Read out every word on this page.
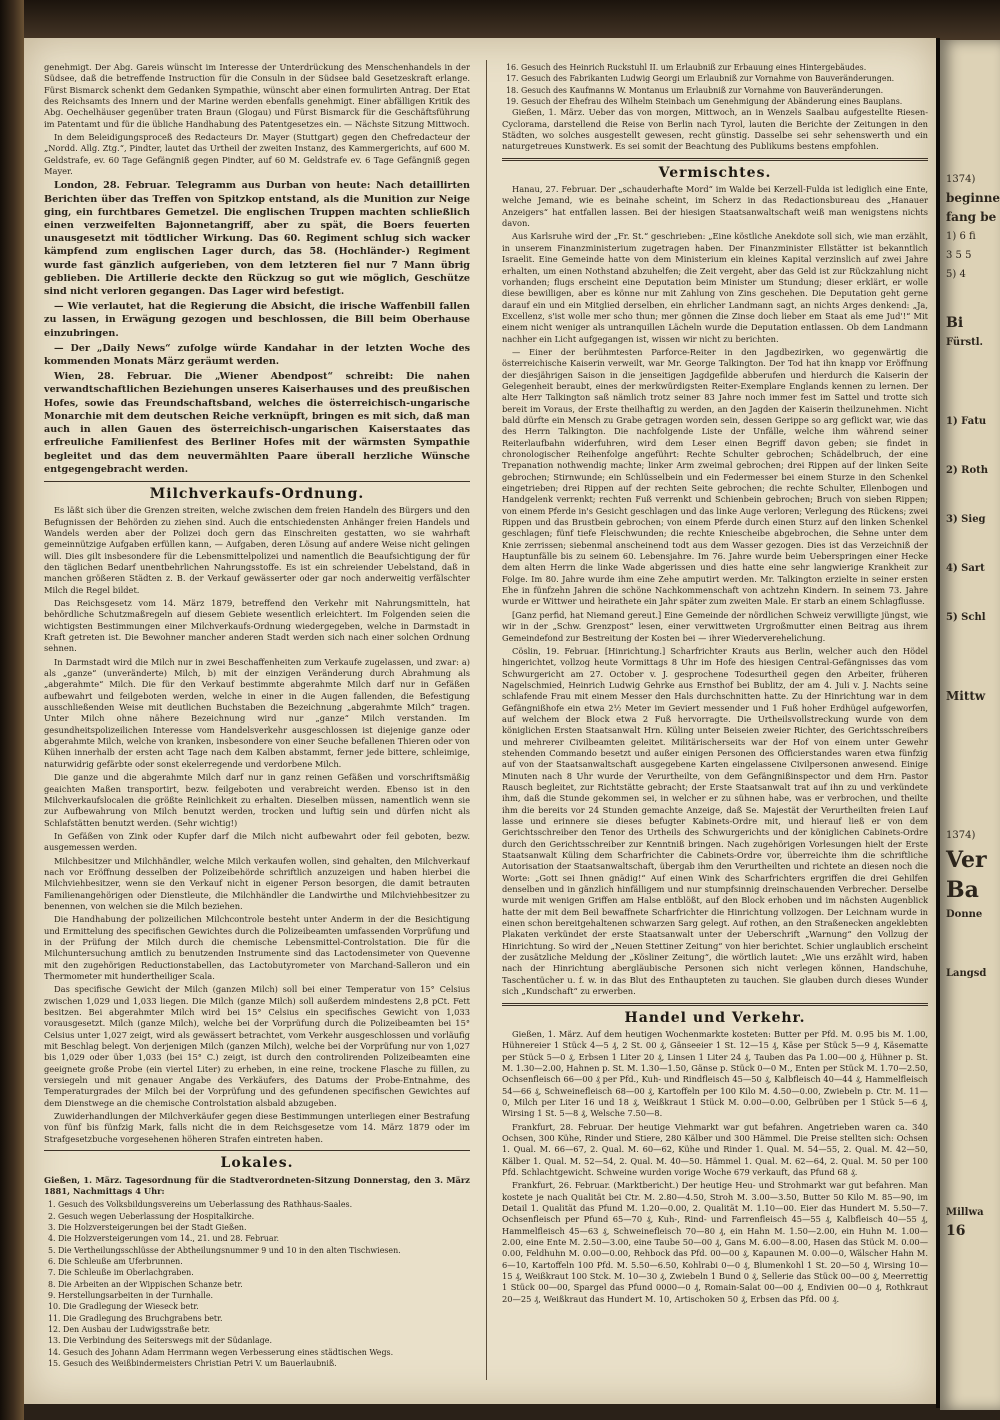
genehmigt. Der Abg. Gareis wünscht im Interesse der Unterdrückung des Menschenhandels in der Südsee, daß die betreffende Instruction für die Consuln in der Südsee bald Gesetzeskraft erlange. Fürst Bismarck schenkt dem Gedanken Sympathie, wünscht aber einen formulirten Antrag. Der Etat des Reichsamts des Innern und der Marine werden ebenfalls genehmigt. Einer abfälligen Kritik des Abg. Oechelhäuser gegenüber traten Braun (Glogau) und Fürst Bismarck für die Geschäftsführung im Patentamt und für die übliche Handhabung des Patentgesetzes ein. — Nächste Sitzung Mittwoch.

In dem Beleidigungsproceß des Redacteurs Dr. Mayer (Stuttgart) gegen den Chefredacteur der „Nordd. Allg. Ztg.“, Pindter, lautet das Urtheil der zweiten Instanz, des Kammergerichts, auf 600 M. Geldstrafe, ev. 60 Tage Gefängniß gegen Pindter, auf 60 M. Geldstrafe ev. 6 Tage Gefängniß gegen Mayer.

London, 28. Februar. Telegramm aus Durban von heute: Nach detaillirten Berichten über das Treffen von Spitzkop entstand, als die Munition zur Neige ging, ein furchtbares Gemetzel. Die englischen Truppen machten schließlich einen verzweifelten Bajonnetangriff, aber zu spät, die Boers feuerten unausgesetzt mit tödtlicher Wirkung. Das 60. Regiment schlug sich wacker kämpfend zum englischen Lager durch, das 58. (Hochländer-) Regiment wurde fast gänzlich aufgerieben, von dem letzteren fiel nur 7 Mann übrig geblieben. Die Artillerie deckte den Rückzug so gut wie möglich, Geschütze sind nicht verloren gegangen. Das Lager wird befestigt.

— Wie verlautet, hat die Regierung die Absicht, die irische Waffenbill fallen zu lassen, in Erwägung gezogen und beschlossen, die Bill beim Oberhause einzubringen.

— Der „Daily News“ zufolge würde Kandahar in der letzten Woche des kommenden Monats März geräumt werden.

Wien, 28. Februar. Die „Wiener Abendpost“ schreibt: Die nahen verwandtschaftlichen Beziehungen unseres Kaiserhauses und des preußischen Hofes, sowie das Freundschaftsband, welches die österreichisch-ungarische Monarchie mit dem deutschen Reiche verknüpft, bringen es mit sich, daß man auch in allen Gauen des österreichisch-ungarischen Kaiserstaates das erfreuliche Familienfest des Berliner Hofes mit der wärmsten Sympathie begleitet und das dem neuvermählten Paare überall herzliche Wünsche entgegengebracht werden.

Milchverkaufs-Ordnung.

Es läßt sich über die Grenzen streiten, welche zwischen dem freien Handeln des Bürgers und den Befugnissen der Behörden zu ziehen sind. Auch die entschiedensten Anhänger freien Handels und Wandels werden aber der Polizei doch gern das Einschreiten gestatten, wo sie wahrhaft gemeinnützige Aufgaben erfüllen kann, — Aufgaben, deren Lösung auf andere Weise nicht gelingen will. Dies gilt insbesondere für die Lebensmittelpolizei und namentlich die Beaufsichtigung der für den täglichen Bedarf unentbehrlichen Nahrungsstoffe. Es ist ein schreiender Uebelstand, daß in manchen größeren Städten z. B. der Verkauf gewässerter oder gar noch anderweitig verfälschter Milch die Regel bildet.

Das Reichsgesetz vom 14. März 1879, betreffend den Verkehr mit Nahrungsmitteln, hat behördliche Schutzmaßregeln auf diesem Gebiete wesentlich erleichtert. Im Folgenden seien die wichtigsten Bestimmungen einer Milchverkaufs-Ordnung wiedergegeben, welche in Darmstadt in Kraft getreten ist. Die Bewohner mancher anderen Stadt werden sich nach einer solchen Ordnung sehnen.

In Darmstadt wird die Milch nur in zwei Beschaffenheiten zum Verkaufe zugelassen, und zwar: a) als „ganze“ (unveränderte) Milch, b) mit der einzigen Veränderung durch Abrahmung als „abgerahmte“ Milch. Die für den Verkauf bestimmte abgerahmte Milch darf nur in Gefäßen aufbewahrt und feilgeboten werden, welche in einer in die Augen fallenden, die Befestigung ausschließenden Weise mit deutlichen Buchstaben die Bezeichnung „abgerahmte Milch“ tragen. Unter Milch ohne nähere Bezeichnung wird nur „ganze“ Milch verstanden. Im gesundheitspolizeilichen Interesse vom Handelsverkehr ausgeschlossen ist diejenige ganze oder abgerahmte Milch, welche von kranken, insbesondere von einer Seuche befallenen Thieren oder von Kühen innerhalb der ersten acht Tage nach dem Kalben abstammt, ferner jede bittere, schleimige, naturwidrig gefärbte oder sonst ekelerregende und verdorbene Milch.

Die ganze und die abgerahmte Milch darf nur in ganz reinen Gefäßen und vorschriftsmäßig geaichten Maßen transportirt, bezw. feilgeboten und verabreicht werden. Ebenso ist in den Milchverkaufslocalen die größte Reinlichkeit zu erhalten. Dieselben müssen, namentlich wenn sie zur Aufbewahrung von Milch benutzt werden, trocken und luftig sein und dürfen nicht als Schlafstätten benutzt werden. (Sehr wichtig!)

In Gefäßen von Zink oder Kupfer darf die Milch nicht aufbewahrt oder feil geboten, bezw. ausgemessen werden.

Milchbesitzer und Milchhändler, welche Milch verkaufen wollen, sind gehalten, den Milchverkauf nach vor Eröffnung desselben der Polizeibehörde schriftlich anzuzeigen und haben hierbei die Milchviehbesitzer, wenn sie den Verkauf nicht in eigener Person besorgen, die damit betrauten Familienangehörigen oder Dienstleute, die Milchhändler die Landwirthe und Milchviehbesitzer zu benennen, von welchen sie die Milch beziehen.

Die Handhabung der polizeilichen Milchcontrole besteht unter Anderm in der die Besichtigung und Ermittelung des specifischen Gewichtes durch die Polizeibeamten umfassenden Vorprüfung und in der Prüfung der Milch durch die chemische Lebensmittel-Controlstation. Die für die Milchuntersuchung amtlich zu benutzenden Instrumente sind das Lactodensimeter von Quevenne mit den zugehörigen Reductionstabellen, das Lactobutyrometer von Marchand-Salleron und ein Thermometer mit hundertheiliger Scala.

Das specifische Gewicht der Milch (ganzen Milch) soll bei einer Temperatur von 15° Celsius zwischen 1,029 und 1,033 liegen. Die Milch (ganze Milch) soll außerdem mindestens 2,8 pCt. Fett besitzen. Bei abgerahmter Milch wird bei 15° Celsius ein specifisches Gewicht von 1,033 vorausgesetzt. Milch (ganze Milch), welche bei der Vorprüfung durch die Polizeibeamten bei 15° Celsius unter 1,027 zeigt, wird als gewässert betrachtet, vom Verkehr ausgeschlossen und vorläufig mit Beschlag belegt. Von derjenigen Milch (ganzen Milch), welche bei der Vorprüfung nur von 1,027 bis 1,029 oder über 1,033 (bei 15° C.) zeigt, ist durch den controlirenden Polizeibeamten eine geeignete große Probe (ein viertel Liter) zu erheben, in eine reine, trockene Flasche zu füllen, zu versiegeln und mit genauer Angabe des Verkäufers, des Datums der Probe-Entnahme, des Temperaturgrades der Milch bei der Vorprüfung und des gefundenen specifischen Gewichtes auf dem Dienstwege an die chemische Controlstation alsbald abzugeben.

Zuwiderhandlungen der Milchverkäufer gegen diese Bestimmungen unterliegen einer Bestrafung von fünf bis fünfzig Mark, falls nicht die in dem Reichsgesetze vom 14. März 1879 oder im Strafgesetzbuche vorgesehenen höheren Strafen eintreten haben.

Lokales.

Gießen, 1. März. Tagesordnung für die Stadtverordneten-Sitzung Donnerstag, den 3. März 1881, Nachmittags 4 Uhr:

1. Gesuch des Volksbildungsvereins um Ueberlassung des Rathhaus-Saales.
2. Gesuch wegen Ueberlassung der Hospitalkirche.
3. Die Holzversteigerungen bei der Stadt Gießen.
4. Die Holzversteigerungen vom 14., 21. und 28. Februar.
5. Die Vertheilungsschlüsse der Abtheilungsnummer 9 und 10 in den alten Tischwiesen.
6. Die Schleuße am Uferbrunnen.
7. Die Schleuße im Oberlachgraben.
8. Die Arbeiten an der Wippischen Schanze betr.
9. Herstellungsarbeiten in der Turnhalle.
10. Die Gradlegung der Wieseck betr.
11. Die Gradlegung des Bruchgrabens betr.
12. Den Ausbau der Ludwigsstraße betr.
13. Die Verbindung des Seiterswegs mit der Südanlage.
14. Gesuch des Johann Adam Herrmann wegen Verbesserung eines städtischen Wegs.
15. Gesuch des Weißbindermeisters Christian Petri V. um Bauerlaubniß.
16. Gesuch des Heinrich Ruckstuhl II. um Erlaubniß zur Erbauung eines Hintergebäudes.
17. Gesuch des Fabrikanten Ludwig Georgi um Erlaubniß zur Vornahme von Bauveränderungen.
18. Gesuch des Kaufmanns W. Montanus um Erlaubniß zur Vornahme von Bauveränderungen.
19. Gesuch der Ehefrau des Wilhelm Steinbach um Genehmigung der Abänderung eines Bauplans.

Gießen, 1. März. Ueber das von morgen, Mittwoch, an in Wenzels Saalbau aufgestellte Riesen-Cyclorama, darstellend die Reise von Berlin nach Tyrol, lauten die Berichte der Zeitungen in den Städten, wo solches ausgestellt gewesen, recht günstig. Dasselbe sei sehr sehenswerth und ein naturgetreues Kunstwerk. Es sei somit der Beachtung des Publikums bestens empfohlen.

Vermischtes.

Hanau, 27. Februar. Der „schauderhafte Mord“ im Walde bei Kerzell-Fulda ist lediglich eine Ente, welche Jemand, wie es beinahe scheint, im Scherz in das Redactionsbureau des „Hanauer Anzeigers“ hat entfallen lassen. Bei der hiesigen Staatsanwaltschaft weiß man wenigstens nichts davon.

Aus Karlsruhe wird der „Fr. St.“ geschrieben: „Eine köstliche Anekdote soll sich, wie man erzählt, in unserem Finanzministerium zugetragen haben. Der Finanzminister Ellstätter ist bekanntlich Israelit. Eine Gemeinde hatte von dem Ministerium ein kleines Kapital verzinslich auf zwei Jahre erhalten, um einen Nothstand abzuhelfen; die Zeit vergeht, aber das Geld ist zur Rückzahlung nicht vorhanden; flugs erscheint eine Deputation beim Minister um Stundung; dieser erklärt, er wolle diese bewilligen, aber es könne nur mit Zahlung von Zins geschehen. Die Deputation geht gerne darauf ein und ein Mitglied derselben, ein ehrlicher Landmann sagt, an nichts Arges denkend: „Ja, Excellenz, s'ist wolle mer scho thun; mer gönnen die Zinse doch lieber em Staat als eme Jud'!“ Mit einem nicht weniger als untranquillen Lächeln wurde die Deputation entlassen. Ob dem Landmann nachher ein Licht aufgegangen ist, wissen wir nicht zu berichten.

— Einer der berühmtesten Parforce-Reiter in den Jagdbezirken, wo gegenwärtig die österreichische Kaiserin verweilt, war Mr. George Talkington. Der Tod hat ihn knapp vor Eröffnung der diesjährigen Saison in die jenseitigen Jagdgefilde abberufen und hierdurch die Kaiserin der Gelegenheit beraubt, eines der merkwürdigsten Reiter-Exemplare Englands kennen zu lernen. Der alte Herr Talkington saß nämlich trotz seiner 83 Jahre noch immer fest im Sattel und trotte sich bereit im Voraus, der Erste theilhaftig zu werden, an den Jagden der Kaiserin theilzunehmen. Nicht bald dürfte ein Mensch zu Grabe getragen worden sein, dessen Gerippe so arg geflickt war, wie das des Herrn Talkington. Die nachfolgende Liste der Unfälle, welche ihm während seiner Reiterlaufbahn widerfuhren, wird dem Leser einen Begriff davon geben; sie findet in chronologischer Reihenfolge angeführt: Rechte Schulter gebrochen; Schädelbruch, der eine Trepanation nothwendig machte; linker Arm zweimal gebrochen; drei Rippen auf der linken Seite gebrochen; Stirnwunde; ein Schlüsselbein und ein Federmesser bei einem Sturze in den Schenkel eingetrieben; drei Rippen auf der rechten Seite gebrochen; die rechte Schulter, Ellenbogen und Handgelenk verrenkt; rechten Fuß verrenkt und Schienbein gebrochen; Bruch von sieben Rippen; von einem Pferde in's Gesicht geschlagen und das linke Auge verloren; Verlegung des Rückens; zwei Rippen und das Brustbein gebrochen; von einem Pferde durch einen Sturz auf den linken Schenkel geschlagen; fünf tiefe Fleischwunden; die rechte Kniescheibe abgebrochen, die Sehne unter dem Knie zerrissen; siebenmal anscheinend todt aus dem Wasser gezogen. Dies ist das Verzeichniß der Hauptunfälle bis zu seinem 60. Lebensjahre. Im 76. Jahre wurde beim Ueberspringen einer Hecke dem alten Herrn die linke Wade abgerissen und dies hatte eine sehr langwierige Krankheit zur Folge. Im 80. Jahre wurde ihm eine Zehe amputirt werden. Mr. Talkington erzielte in seiner ersten Ehe in fünfzehn Jahren die schöne Nachkommenschaft von achtzehn Kindern. In seinem 73. Jahre wurde er Wittwer und heirathete ein Jahr später zum zweiten Male. Er starb an einem Schlagflusse.

[Ganz perfid, hat Niemand gereut.] Eine Gemeinde der nördlichen Schweiz verwilligte jüngst, wie wir in der „Schw. Grenzpost“ lesen, einer verwittweten Urgroßmutter einen Beitrag aus ihrem Gemeindefond zur Bestreitung der Kosten bei — ihrer Wiederverehelichung.

Cöslin, 19. Februar. [Hinrichtung.] Scharfrichter Krauts aus Berlin, welcher auch den Hödel hingerichtet, vollzog heute Vormittags 8 Uhr im Hofe des hiesigen Central-Gefängnisses das vom Schwurgericht am 27. October v. J. gesprochene Todesurtheil gegen den Arbeiter, früheren Nagelschmied, Heinrich Ludwig Gehrke aus Ernsthof bei Bublitz, der am 4. Juli v. J. Nachts seine schlafende Frau mit einem Messer den Hals durchschnitten hatte. Zu der Hinrichtung war in dem Gefängnißhofe ein etwa 2½ Meter im Geviert messender und 1 Fuß hoher Erdhügel aufgeworfen, auf welchem der Block etwa 2 Fuß hervorragte. Die Urtheilsvollstreckung wurde von dem königlichen Ersten Staatsanwalt Hrn. Küling unter Beiseien zweier Richter, des Gerichtsschreibers und mehrerer Civilbeamten geleitet. Militärischerseits war der Hof von einem unter Gewehr stehenden Commando besetzt und außer einigen Personen des Officierstandes waren etwa fünfzig auf von der Staatsanwaltschaft ausgegebene Karten eingelassene Civilpersonen anwesend. Einige Minuten nach 8 Uhr wurde der Verurtheilte, von dem Gefängnißinspector und dem Hrn. Pastor Rausch begleitet, zur Richtstätte gebracht; der Erste Staatsanwalt trat auf ihn zu und verkündete ihm, daß die Stunde gekommen sei, in welcher er zu sühnen habe, was er verbrochen, und theilte ihm die bereits vor 24 Stunden gemachte Anzeige, daß Se. Majestät der Verurtheilten freien Lauf lasse und erinnere sie dieses befugter Kabinets-Ordre mit, und hierauf ließ er von dem Gerichtsschreiber den Tenor des Urtheils des Schwurgerichts und der königlichen Cabinets-Ordre durch den Gerichtsschreiber zur Kenntniß bringen. Nach zugehörigen Vorlesungen hielt der Erste Staatsanwalt Küling dem Scharfrichter die Cabinets-Ordre vor, überreichte ihm die schriftliche Autorisation der Staatsanwaltschaft, übergab ihm den Verurtheilten und richtete an diesen noch die Worte: „Gott sei Ihnen gnädig!“ Auf einen Wink des Scharfrichters ergriffen die drei Gehilfen denselben und in gänzlich hinfälligem und nur stumpfsinnig dreinschauenden Verbrecher. Derselbe wurde mit wenigen Griffen am Halse entblößt, auf den Block erhoben und im nächsten Augenblick hatte der mit dem Beil bewaffnete Scharfrichter die Hinrichtung vollzogen. Der Leichnam wurde in einen schon bereitgehaltenen schwarzen Sarg gelegt. Auf rothen, an den Straßenecken angeklebten Plakaten verkündet der erste Staatsanwalt unter der Ueberschrift „Warnung“ den Vollzug der Hinrichtung. So wird der „Neuen Stettiner Zeitung“ von hier berichtet. Schier unglaublich erscheint der zusätzliche Meldung der „Kösliner Zeitung“, die wörtlich lautet: „Wie uns erzählt wird, haben nach der Hinrichtung abergläubische Personen sich nicht verlegen können, Handschuhe, Taschentücher u. f. w. in das Blut des Enthaupteten zu tauchen. Sie glauben durch dieses Wunder sich „Kundschaft“ zu erwerben.

Handel und Verkehr.

Gießen, 1. März. Auf dem heutigen Wochenmarkte kosteten: Butter per Pfd. M. 0.95 bis M. 1.00, Hühnereier 1 Stück 4—5 ₰, 2 St. 00 ₰, Gänseeier 1 St. 12—15 ₰, Käse per Stück 5—9 ₰, Käsematte per Stück 5—0 ₰, Erbsen 1 Liter 20 ₰, Linsen 1 Liter 24 ₰, Tauben das Pa 1.00—00 ₰, Hühner p. St. M. 1.30—2.00, Hahnen p. St. M. 1.30—1.50, Gänse p. Stück 0—0 M., Enten per Stück M. 1.70—2.50, Ochsenfleisch 66—00 ₰ per Pfd., Kuh- und Rindfleisch 45—50 ₰, Kalbfleisch 40—44 ₰, Hammelfleisch 54—66 ₰, Schweinefleisch 68—00 ₰, Kartoffeln per 100 Kilo M. 4.50—0.00, Zwiebeln p. Ctr. M. 11—0, Milch per Liter 16 und 18 ₰, Weißkraut 1 Stück M. 0.00—0.00, Gelbrüben per 1 Stück 5—6 ₰, Wirsing 1 St. 5—8 ₰, Welsche 7.50—8.

Frankfurt, 28. Februar. Der heutige Viehmarkt war gut befahren. Angetrieben waren ca. 340 Ochsen, 300 Kühe, Rinder und Stiere, 280 Kälber und 300 Hämmel. Die Preise stellten sich: Ochsen 1. Qual. M. 66—67, 2. Qual. M. 60—62, Kühe und Rinder 1. Qual. M. 54—55, 2. Qual. M. 42—50, Kälber 1. Qual. M. 52—54, 2. Qual. M. 40—50. Hämmel 1. Qual. M. 62—64, 2. Qual. M. 50 per 100 Pfd. Schlachtgewicht. Schweine wurden vorige Woche 679 verkauft, das Pfund 68 ₰.

Frankfurt, 26. Februar. (Marktbericht.) Der heutige Heu- und Strohmarkt war gut befahren. Man kostete je nach Qualität bei Ctr. M. 2.80—4.50, Stroh M. 3.00—3.50, Butter 50 Kilo M. 85—90, im Detail 1. Qualität das Pfund M. 1.20—0.00, 2. Qualität M. 1.10—00. Eier das Hundert M. 5.50—7. Ochsenfleisch per Pfund 65—70 ₰, Kuh-, Rind- und Farrenfleisch 45—55 ₰, Kalbfleisch 40—55 ₰, Hammelfleisch 45—63 ₰, Schweinefleisch 70—80 ₰, ein Hahn M. 1.50—2.00, ein Huhn M. 1.00—2.00, eine Ente M. 2.50—3.00, eine Taube 50—00 ₰, Gans M. 6.00—8.00, Hasen das Stück M. 0.00—0.00, Feldhuhn M. 0.00—0.00, Rehbock das Pfd. 00—00 ₰, Kapaunen M. 0.00—0, Wälscher Hahn M. 6—10, Kartoffeln 100 Pfd. M. 5.50—6.50, Kohlrabi 0—0 ₰, Blumenkohl 1 St. 20—50 ₰, Wirsing 10—15 ₰, Weißkraut 100 Stck. M. 10—30 ₰, Zwiebeln 1 Bund 0 ₰, Sellerie das Stück 00—00 ₰, Meerrettig 1 Stück 00—00, Spargel das Pfund 0000—0 ₰, Romain-Salat 00—00 ₰, Endivien 00—0 ₰, Rothkraut 20—25 ₰, Weißkraut das Hundert M. 10, Artischoken 50 ₰, Erbsen das Pfd. 00 ₰.

1374)
beginne
fang be
1) 6 fi
3 5 5
5) 4
Bi
Fürstl.
1) Fatu
2) Roth
3) Sieg
4) Sart
5) Schl
Mittw
1374)
Ver
Ba
Donne
Langsd
Millwa
16
